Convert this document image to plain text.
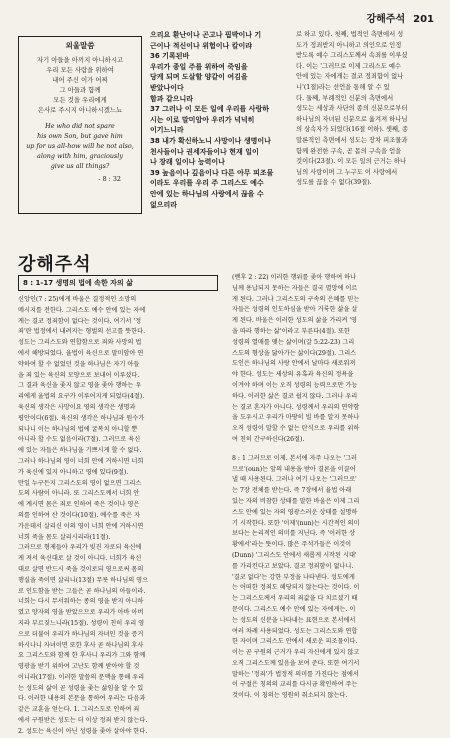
강해주석 201
외울말씀
자기 아들을 아끼지 아니하시고
우리 모든 사람을 위하여
내어 주신 이가 어찌
그 아들과 함께
모든 것을 우리에게
은사로 주시지 아니하시겠느뇨
He who did not spare
his own Son, but gave him
up for us all-how will he not also,
along with him, graciously
give us all things?
- 8 : 32
으리요 환난이나 곤고나 핍박이나 기
근이나 적신이나 위험이나 칼이랴
36 기록된바
우리가 종일 주를 위하여 죽임을
당케 되며 도살할 양같이 여김을
받았나이다
함과 같으니라
37 그러나 이 모든 일에 우리를 사랑하
시는 이로 말미암아 우리가 넉넉히
이기느니라
38 내가 확신하노니 사망이나 생명이나
천사들이나 권세자들이나 현재 일이
나 장래 일이나 능력이나
39 높음이나 깊음이나 다른 아무 피조물
이라도 우리를 우리 주 그리스도 예수
안에 있는 하나님의 사랑에서 끊을 수
없으리라
로 하고 있다. 첫째, 법적인 측면에서 성
도가 정죄받지 아니하고 의인으로 인정
받도록 예수 그리스도께서 속죄를 이루셨
다. 이는 '그러므로 이제 그리스도 예수
안에 있는 자에게는 결코 정죄함이 없나
니'(1절)라는 선언을 통해 알 수 있
다. 둘째, 부례적인 신분의 측면에서
성도는 세상과 사단의 종의 신분으로부터
하나님의 자녀된 신분으로 옮겨져 하나님
의 상속자가 되었다(16절 이하). 셋째, 종
말론적인 측면에서 성도는 장차 피조물과
함께 완전한 구속, 곧 몸의 구속을 얻을
것이다(23절). 이 모든 일의 근거는 하나
님의 사랑이며 그 누구도 이 사랑에서
성도를 끊을 수 없다(39절).
강해주석
8 : 1-17 생명의 법에 속한 자의 삶
신앙인(7 : 25)에게 바울은 결정적인 소망의
메시지를 전한다. 그리스도 예수 안에 있는 자에
게는 결코 정죄함이 없다는 것이다. 여기서 '정
죄'란 법정에서 내려지는 형벌의 선고를 뜻한다.
성도는 그리스도와 연합함으로 죄와 사망의 법
에서 해방되었다. 율법이 육신으로 말미암아 연
약하여 할 수 없었던 것을 하나님은 자기 아들
을 죄 있는 육신의 모양으로 보내어 이루셨다.
그 결과 육신을 좇지 않고 영을 좇아 행하는 우
리에게 율법의 요구가 이루어지게 되었다(4절).
육신의 생각은 사망이요 영의 생각은 생명과
평안이다(6절). 육신의 생각은 하나님과 원수가
되나니 이는 하나님의 법에 굴복치 아니할 뿐
아니라 할 수도 없음이라(7절). 그러므로 육신
에 있는 자들은 하나님을 기쁘시게 할 수 없다.
그러나 하나님의 영이 너희 안에 거하시면 너희
가 육신에 있지 아니하고 영에 있다(9절).
만일 누구든지 그리스도의 영이 없으면 그리스
도의 사람이 아니라. 또 그리스도께서 너희 안
에 계시면 몸은 죄로 인하여 죽은 것이나 영은
의를 인하여 산 것이다(10절). 예수를 죽은 자
가운데서 살리신 이의 영이 너희 안에 거하시면
너희 죽을 몸도 살리시리라(11절).
그러므로 형제들아 우리가 빚진 자로되 육신에
게 져서 육신대로 살 것이 아니다. 너희가 육신
대로 살면 반드시 죽을 것이로되 영으로써 몸의
행실을 죽이면 살리니(13절) 무릇 하나님의 영으
로 인도함을 받는 그들은 곧 하나님의 아들이라.
너희는 다시 무서워하는 종의 영을 받지 아니하
였고 양자의 영을 받았으므로 우리가 아바 아버
지라 부르짖느니라(15절). 성령이 친히 우리 영
으로 더불어 우리가 하나님의 자녀인 것을 증거
하시나니 자녀이면 또한 후사 곧 하나님의 후사
요 그리스도와 함께 한 후사니 우리가 그와 함께
영광을 받기 위하여 고난도 함께 받아야 할 것
이니라(17절). 이러한 말씀의 문맥을 통해 우리
는 성도의 삶이 곧 성령을 좇는 삶임을 알 수 있
다. 이러한 내용의 본문을 통하여 우리는 다음과
같은 교훈을 얻는다. 1. 그리스도로 인하여 죄
에서 구원받은 성도는 더 이상 정죄 받지 않는다.
2. 성도는 육신이 아닌 성령을 좇아 살아야 한다.
(벧후 2 : 22) 이러한 행위를 좇아 행하여 하나
님께 용납되지 못하는 자들은 결국 멸망에 이르
게 된다. 그러나 그리스도의 구속의 은혜를 믿는
자들은 성령의 인도하심을 받아 거룩한 삶을 살
게 된다. 바울은 이러한 성도의 삶을 가리켜 '영
을 따라 행하는 삶'이라고 부른다(4절). 또한
성령의 열매를 맺는 삶이며(갈 5:22-23) 그리
스도의 형상을 닮아가는 삶이다(29절). 그리스
도인은 하나님의 사랑 안에서 날마다 새로워져
야 한다. 성도는 세상의 유혹과 육신의 정욕을
이겨야 하며 이는 오직 성령의 능력으로만 가능
하다. 이러한 삶은 결코 쉽지 않다. 그러나 우리
는 결코 혼자가 아니다. 성령께서 우리의 연약함
을 도우시고 우리가 마땅히 빌 바를 알지 못하나
오직 성령이 말할 수 없는 탄식으로 우리를 위하
여 친히 간구하신다(26절).
8 : 1 그러므로 이제. 본서에 자주 나오는 '그러
므로'(oun)는 앞의 내용을 받아 결론을 이끌어
낼 때 사용된다. 그러나 여기 나오는 '그러므로'
는 7장 전체를 받는다. 즉 7장에서 율법 아래
있는 자의 비참한 상태를 말한 바울은 이제 그리
스도 안에 있는 자의 영광스러운 상태를 설명하
기 시작한다. 또한 '이제'(nun)는 시간적인 의미
보다는 논리적인 의미를 지닌다. 즉 '이러한 상
황에서'라는 뜻이다. 많은 주석가들은 이것이
(Dunn) '그리스도 안에서 새롭게 시작된 시대'
를 가리킨다고 보았다. 결코 정죄함이 없나니.
'결코 없다'는 강한 부정을 나타낸다. 성도에게
는 어떠한 정죄도 해당되지 않는다는 것이다. 이
는 그리스도께서 우리의 죄값을 다 치르셨기 때
문이다. 그리스도 예수 안에 있는 자에게는. 이
는 성도의 신분을 나타내는 표현으로 본서에서
여러 차례 사용되었다. 성도는 그리스도와 연합
한 자이며 그리스도 안에서 새로운 피조물이다.
이는 곧 구원의 근거가 우리 자신에게 있지 않고
오직 그리스도께 있음을 보여 준다. 또한 여기서
말하는 '정죄'가 법정적 의미를 가진다는 점에서
이 구절은 칭의의 교리를 다시금 확인하여 주는
것이다. 이 칭의는 영원히 취소되지 않는다.
